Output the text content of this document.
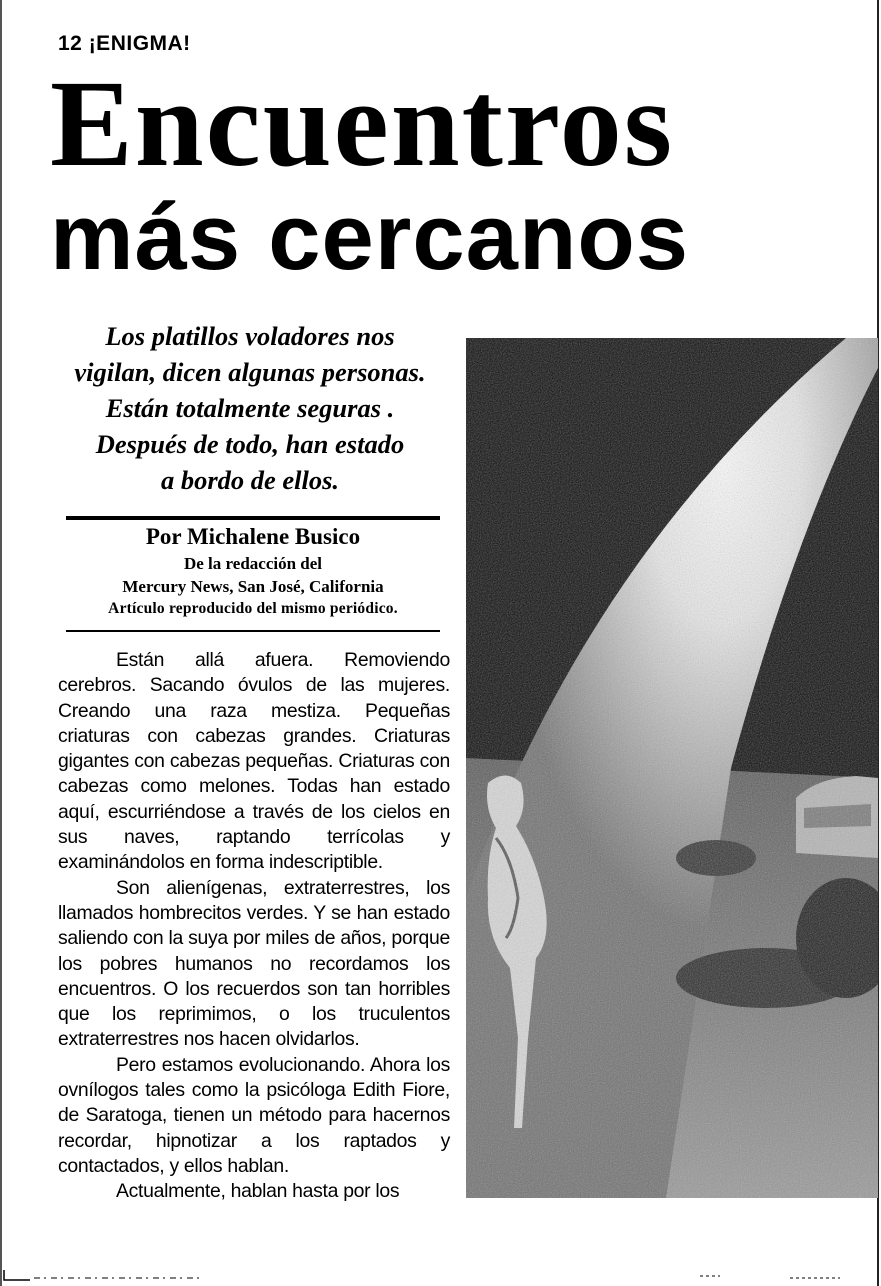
12 ¡ENIGMA!
Encuentros
más cercanos
Los platillos voladores nos
vigilan, dicen algunas personas.
Están totalmente seguras .
Después de todo, han estado
a bordo de ellos.
Por Michalene Busico
De la redacción del
Mercury News, San José, California
Artículo reproducido del mismo periódico.

Están allá afuera. Removiendo cerebros. Sacando óvulos de las mujeres. Creando una raza mestiza. Pequeñas criaturas con cabezas grandes. Criaturas gigantes con cabezas pequeñas. Criaturas con cabezas como melones. Todas han estado aquí, escurriéndose a través de los cielos en sus naves, raptando terrícolas y examinándolos en forma indescriptible.

Son alienígenas, extraterrestres, los llamados hombrecitos verdes. Y se han estado saliendo con la suya por miles de años, porque los pobres humanos no recordamos los encuentros. O los recuerdos son tan horribles que los reprimimos, o los truculentos extraterrestres nos hacen olvidarlos.

Pero estamos evolucionando. Ahora los ovnílogos tales como la psicóloga Edith Fiore, de Saratoga, tienen un método para hacernos recordar, hipnotizar a los raptados y contactados, y ellos hablan.

Actualmente, hablan hasta por los
